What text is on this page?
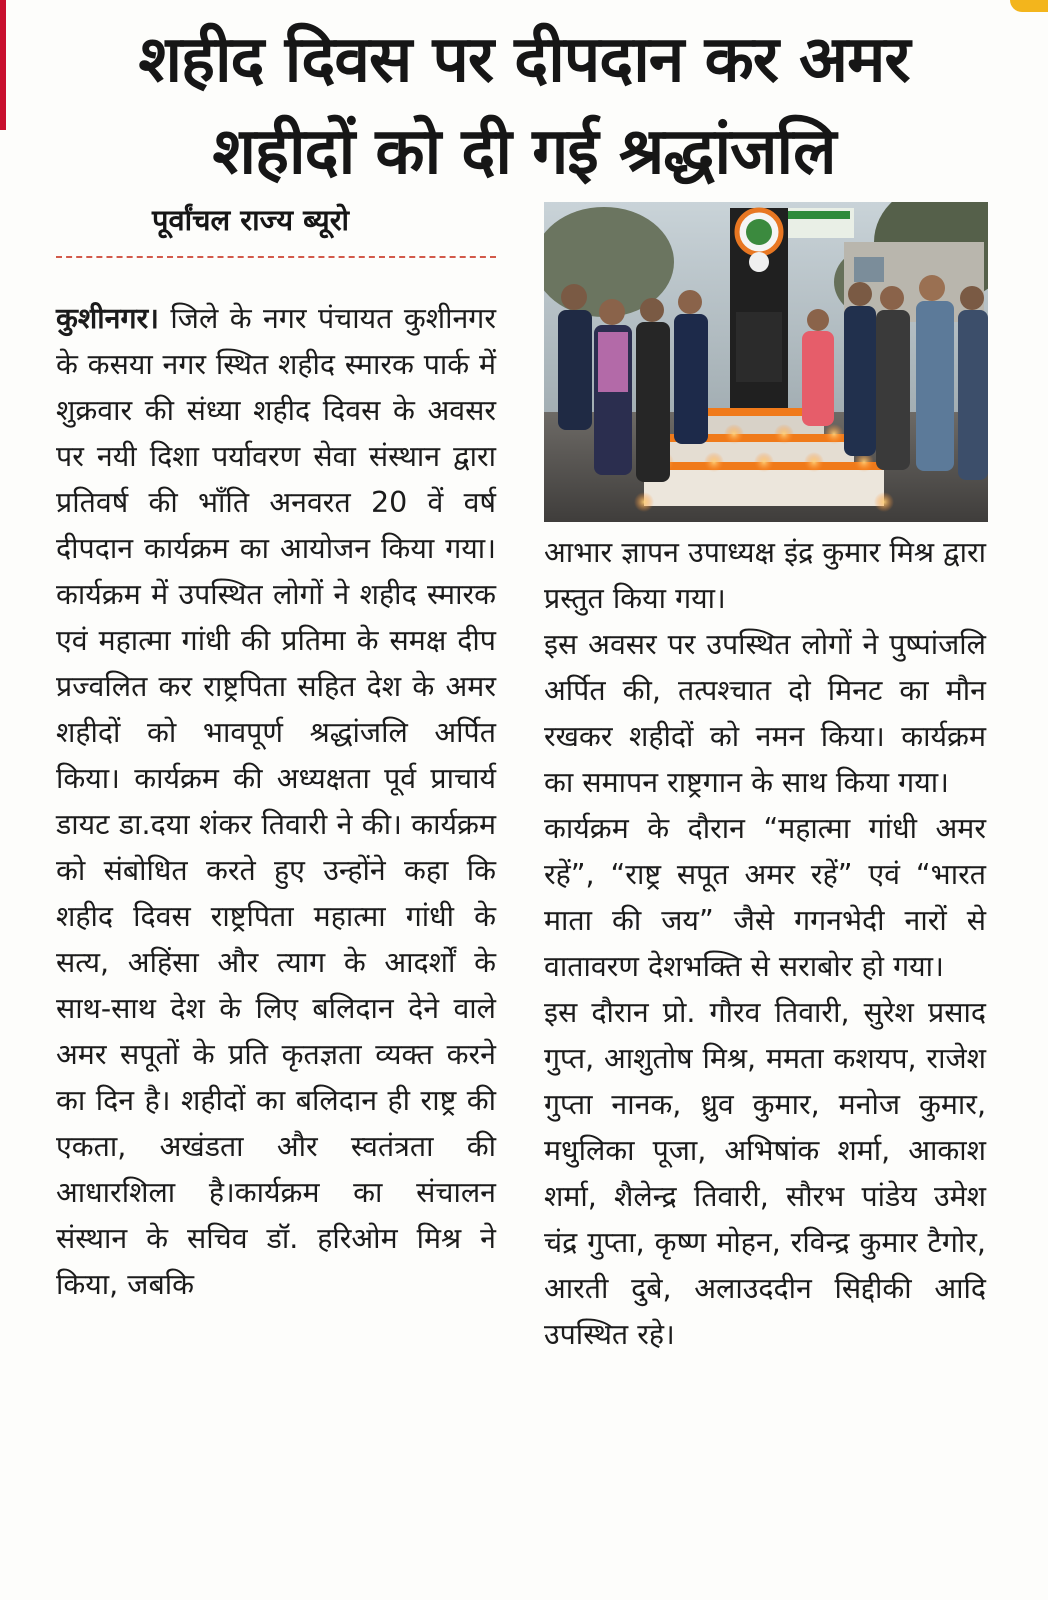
शहीद दिवस पर दीपदान कर अमर
शहीदों को दी गई श्रद्धांजलि
पूर्वांचल राज्य ब्यूरो

कुशीनगर। जिले के नगर पंचायत कुशीनगर के कसया नगर स्थित शहीद स्मारक पार्क में शुक्रवार की संध्या शहीद दिवस के अवसर पर नयी दिशा पर्यावरण सेवा संस्थान द्वारा प्रतिवर्ष की भाँति अनवरत 20 वें वर्ष दीपदान कार्यक्रम का आयोजन किया गया। कार्यक्रम में उपस्थित लोगों ने शहीद स्मारक एवं महात्मा गांधी की प्रतिमा के समक्ष दीप प्रज्वलित कर राष्ट्रपिता सहित देश के अमर शहीदों को भावपूर्ण श्रद्धांजलि अर्पित किया। कार्यक्रम की अध्यक्षता पूर्व प्राचार्य डायट डा.दया शंकर तिवारी ने की। कार्यक्रम को संबोधित करते हुए उन्होंने कहा कि शहीद दिवस राष्ट्रपिता महात्मा गांधी के सत्य, अहिंसा और त्याग के आदर्शों के साथ-साथ देश के लिए बलिदान देने वाले अमर सपूतों के प्रति कृतज्ञता व्यक्त करने का दिन है। शहीदों का बलिदान ही राष्ट्र की एकता, अखंडता और स्वतंत्रता की आधारशिला है।कार्यक्रम का संचालन संस्थान के सचिव डॉ. हरिओम मिश्र ने किया, जबकि

आभार ज्ञापन उपाध्यक्ष इंद्र कुमार मिश्र द्वारा प्रस्तुत किया गया।

इस अवसर पर उपस्थित लोगों ने पुष्पांजलि अर्पित की, तत्पश्चात दो मिनट का मौन रखकर शहीदों को नमन किया। कार्यक्रम का समापन राष्ट्रगान के साथ किया गया।

कार्यक्रम के दौरान “महात्मा गांधी अमर रहें”, “राष्ट्र सपूत अमर रहें” एवं “भारत माता की जय” जैसे गगनभेदी नारों से वातावरण देशभक्ति से सराबोर हो गया।

इस दौरान प्रो. गौरव तिवारी, सुरेश प्रसाद गुप्त, आशुतोष मिश्र, ममता कशयप, राजेश गुप्ता नानक, ध्रुव कुमार, मनोज कुमार, मधुलिका पूजा, अभिषांक शर्मा, आकाश शर्मा, शैलेन्द्र तिवारी, सौरभ पांडेय उमेश चंद्र गुप्ता, कृष्ण मोहन, रविन्द्र कुमार टैगोर, आरती दुबे, अलाउददीन सिद्दीकी आदि उपस्थित रहे।
